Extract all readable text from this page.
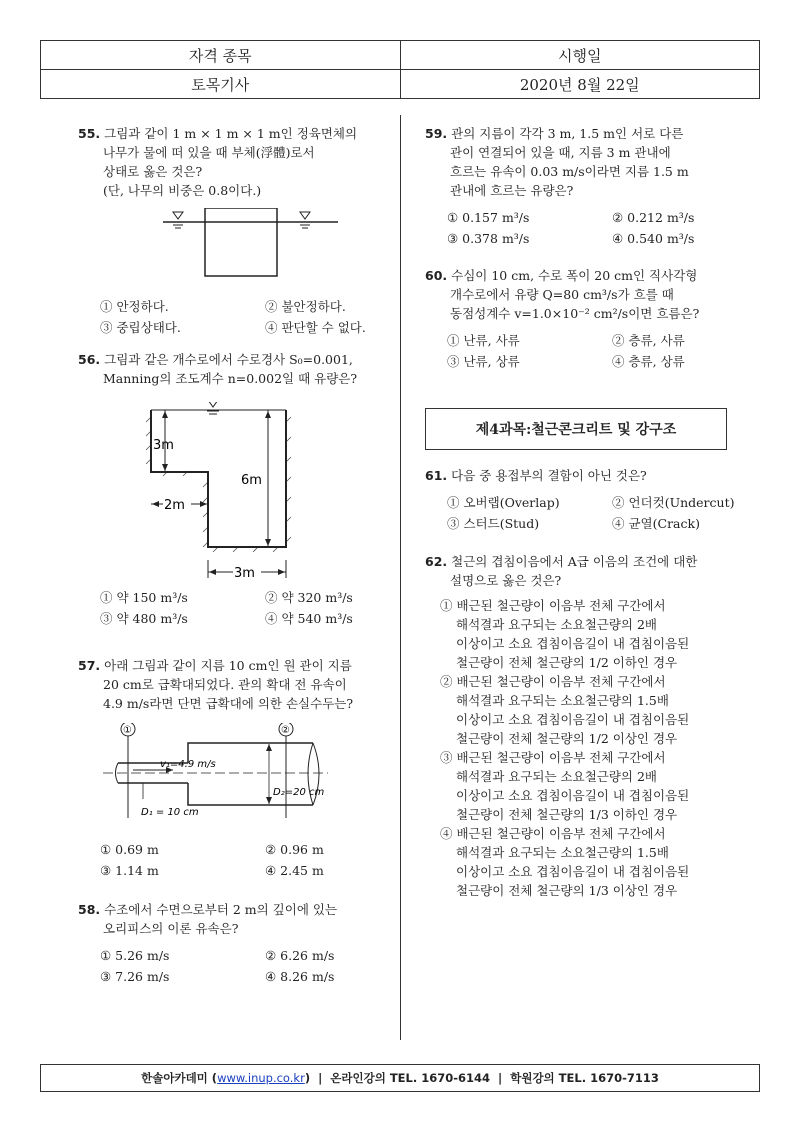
자격 종목	시행일
토목기사	2020년 8월 22일

55. 그림과 같이 1 m × 1 m × 1 m인 정육면체의

나무가 물에 떠 있을 때 부체(浮體)로서

상태로 옳은 것은?

(단, 나무의 비중은 0.8이다.)

① 안정하다.	② 불안정하다.
③ 중립상태다.	④ 판단할 수 없다.

56. 그림과 같은 개수로에서 수로경사 S₀=0.001,

Manning의 조도계수 n=0.002일 때 유량은?

3m
6m
2m
3m
① 약 150 m³/s	② 약 320 m³/s
③ 약 480 m³/s	④ 약 540 m³/s

57. 아래 그림과 같이 지름 10 cm인 원 관이 지름

20 cm로 급확대되었다. 관의 확대 전 유속이

4.9 m/s라면 단면 급확대에 의한 손실수두는?

①	②
v₁=4.9 m/s
D₁ = 10 cm
D₂=20 cm
① 0.69 m	② 0.96 m
③ 1.14 m	④ 2.45 m

58. 수조에서 수면으로부터 2 m의 깊이에 있는

오리피스의 이론 유속은?

① 5.26 m/s	② 6.26 m/s
③ 7.26 m/s	④ 8.26 m/s

59. 관의 지름이 각각 3 m, 1.5 m인 서로 다른

관이 연결되어 있을 때, 지름 3 m 관내에

흐르는 유속이 0.03 m/s이라면 지름 1.5 m

관내에 흐르는 유량은?

① 0.157 m³/s	② 0.212 m³/s
③ 0.378 m³/s	④ 0.540 m³/s

60. 수심이 10 cm, 수로 폭이 20 cm인 직사각형

개수로에서 유량 Q=80 cm³/s가 흐를 때

동점성계수 v=1.0×10⁻² cm²/s이면 흐름은?

① 난류, 사류	② 층류, 사류
③ 난류, 상류	④ 층류, 상류
제4과목:철근콘크리트 및 강구조

61. 다음 중 용접부의 결함이 아닌 것은?

① 오버랩(Overlap)	② 언더컷(Undercut)
③ 스터드(Stud)	④ 균열(Crack)

62. 철근의 겹침이음에서 A급 이음의 조건에 대한

설명으로 옳은 것은?

① 배근된 철근량이 이음부 전체 구간에서

해석결과 요구되는 소요철근량의 2배

이상이고 소요 겹침이음길이 내 겹침이음된

철근량이 전체 철근량의 1/2 이하인 경우

② 배근된 철근량이 이음부 전체 구간에서

해석결과 요구되는 소요철근량의 1.5배

이상이고 소요 겹침이음길이 내 겹침이음된

철근량이 전체 철근량의 1/2 이상인 경우

③ 배근된 철근량이 이음부 전체 구간에서

해석결과 요구되는 소요철근량의 2배

이상이고 소요 겹침이음길이 내 겹침이음된

철근량이 전체 철근량의 1/3 이하인 경우

④ 배근된 철근량이 이음부 전체 구간에서

해석결과 요구되는 소요철근량의 1.5배

이상이고 소요 겹침이음길이 내 겹침이음된

철근량이 전체 철근량의 1/3 이상인 경우

한솔아카데미 ( www.inup.co.kr )  |  온라인강의 TEL. 1670-6144  |  학원강의 TEL. 1670-7113
